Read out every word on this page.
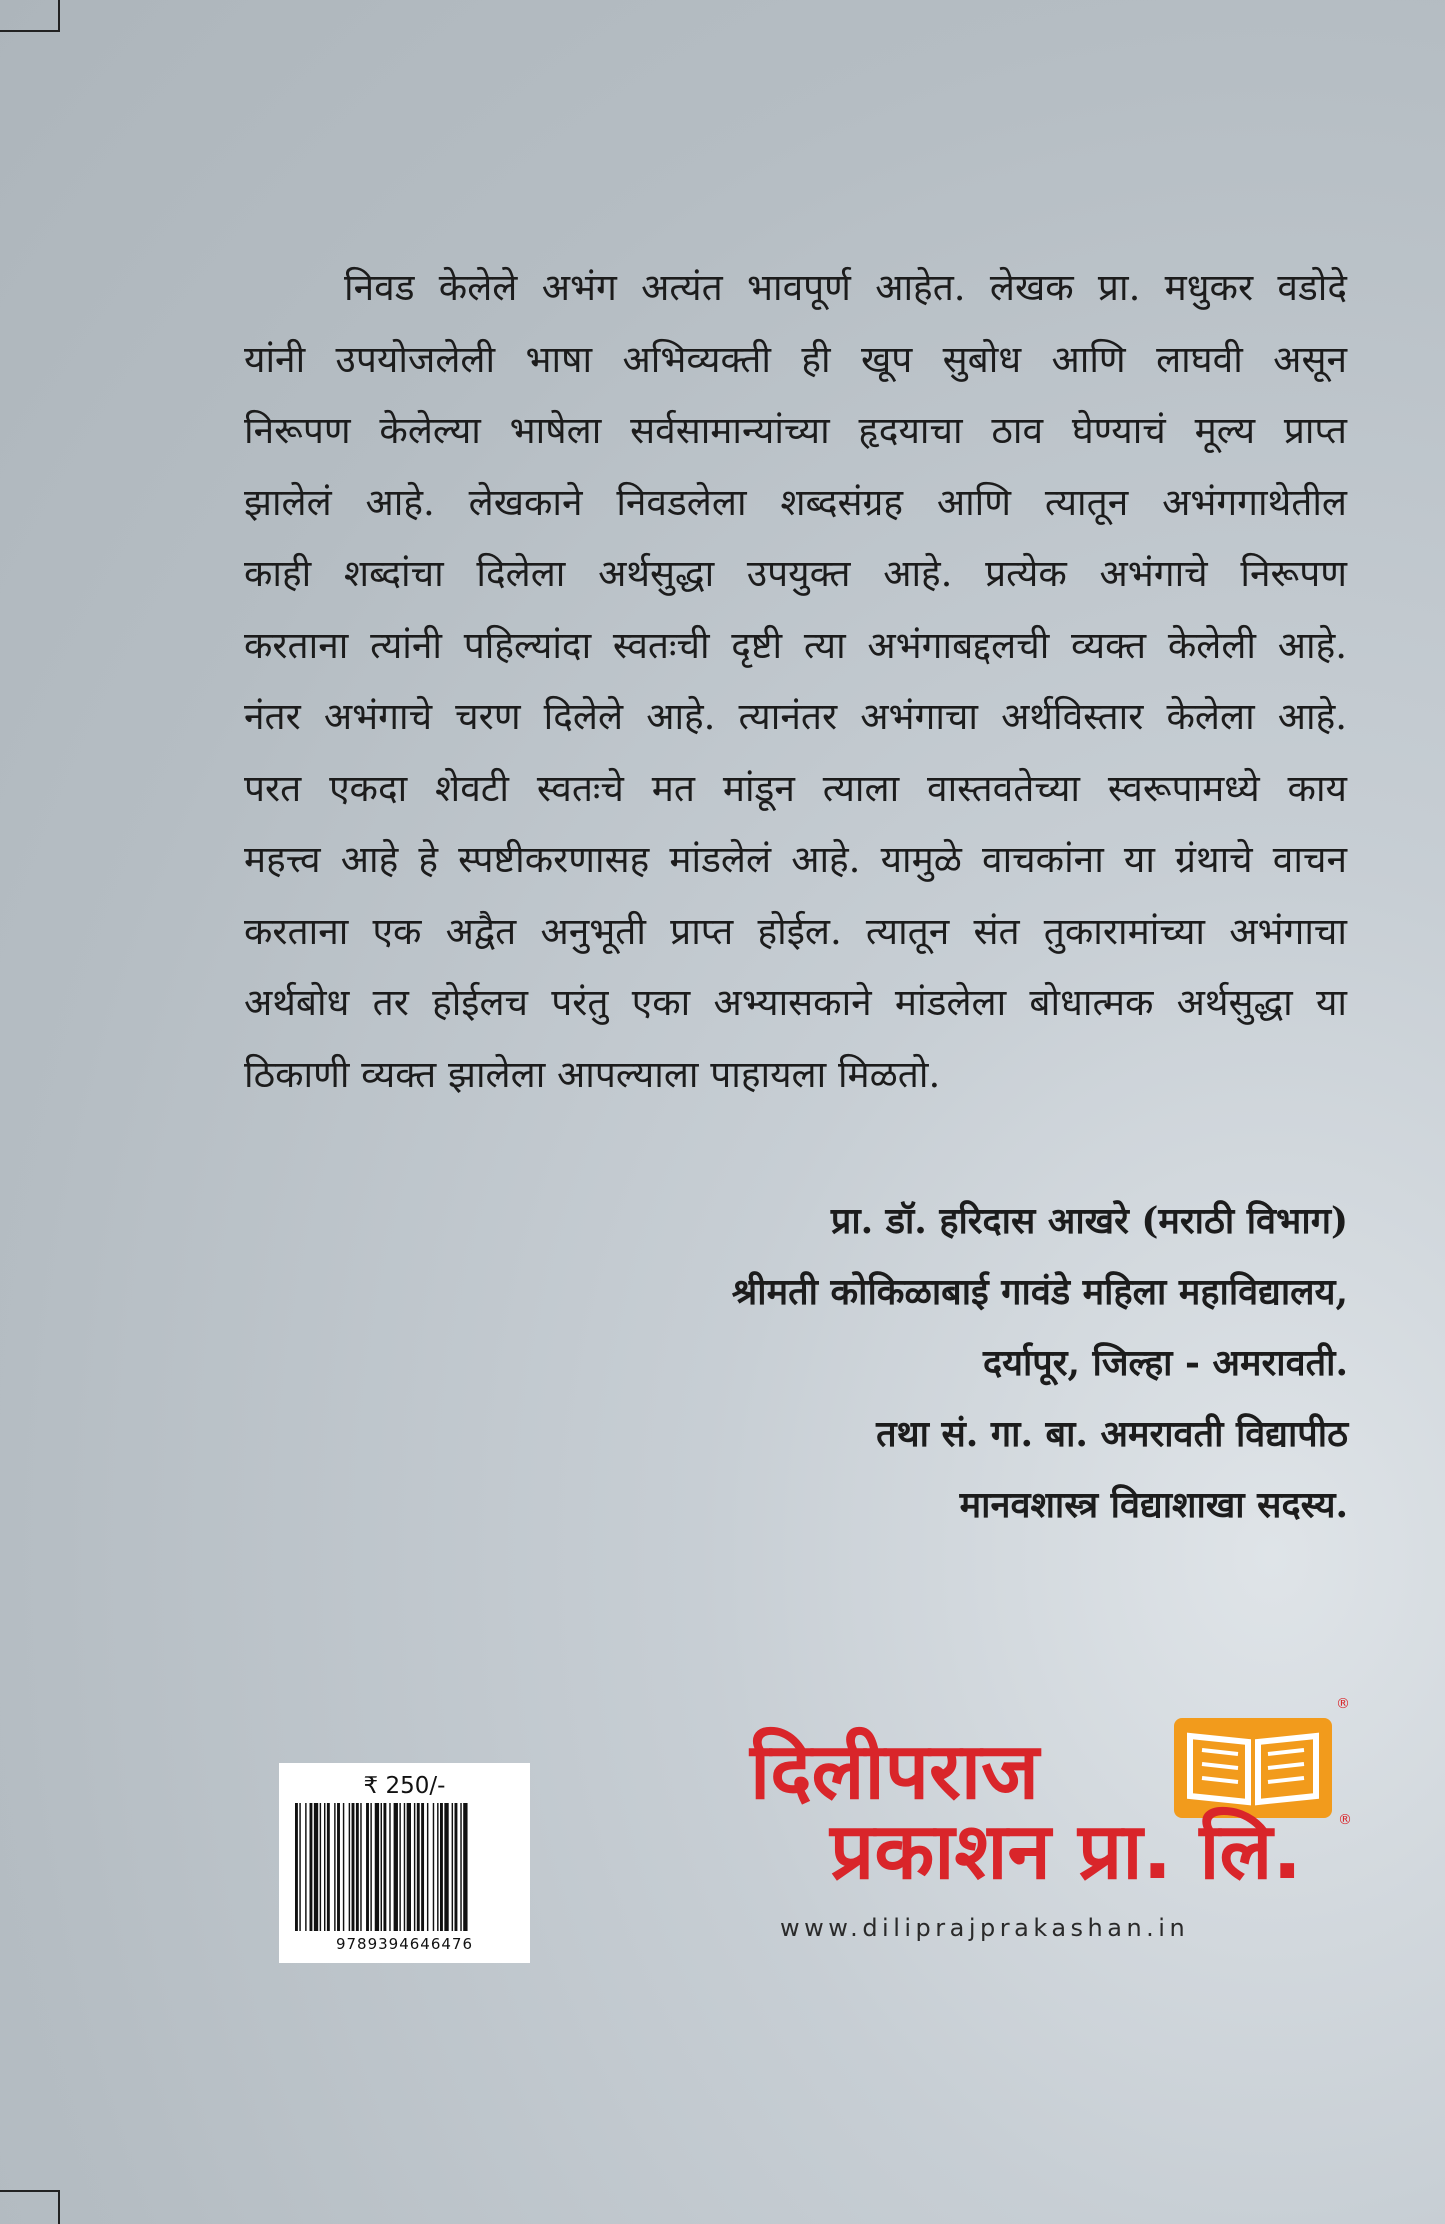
निवड केलेले अभंग अत्यंत भावपूर्ण आहेत. लेखक प्रा. मधुकर वडोदे
यांनी उपयोजलेली भाषा अभिव्यक्ती ही खूप सुबोध आणि लाघवी असून
निरूपण केलेल्या भाषेला सर्वसामान्यांच्या हृदयाचा ठाव घेण्याचं मूल्य प्राप्त
झालेलं आहे. लेखकाने निवडलेला शब्दसंग्रह आणि त्यातून अभंगगाथेतील
काही शब्दांचा दिलेला अर्थसुद्धा उपयुक्त आहे. प्रत्येक अभंगाचे निरूपण
करताना त्यांनी पहिल्यांदा स्वतःची दृष्टी त्या अभंगाबद्दलची व्यक्त केलेली आहे.
नंतर अभंगाचे चरण दिलेले आहे. त्यानंतर अभंगाचा अर्थविस्तार केलेला आहे.
परत एकदा शेवटी स्वतःचे मत मांडून त्याला वास्तवतेच्या स्वरूपामध्ये काय
महत्त्व आहे हे स्पष्टीकरणासह मांडलेलं आहे. यामुळे वाचकांना या ग्रंथाचे वाचन
करताना एक अद्वैत अनुभूती प्राप्त होईल. त्यातून संत तुकारामांच्या अभंगाचा
अर्थबोध तर होईलच परंतु एका अभ्यासकाने मांडलेला बोधात्मक अर्थसुद्धा या
ठिकाणी व्यक्त झालेला आपल्याला पाहायला मिळतो.
प्रा. डॉ. हरिदास आखरे (मराठी विभाग)
श्रीमती कोकिळाबाई गावंडे महिला महाविद्यालय,
दर्यापूर, जिल्हा - अमरावती.
तथा सं. गा. बा. अमरावती विद्यापीठ
मानवशास्त्र विद्याशाखा सदस्य.
₹ 250/-
9789394646476
®
®
दिलीपराज
प्रकाशन प्रा. लि.
www.diliprajprakashan.in
